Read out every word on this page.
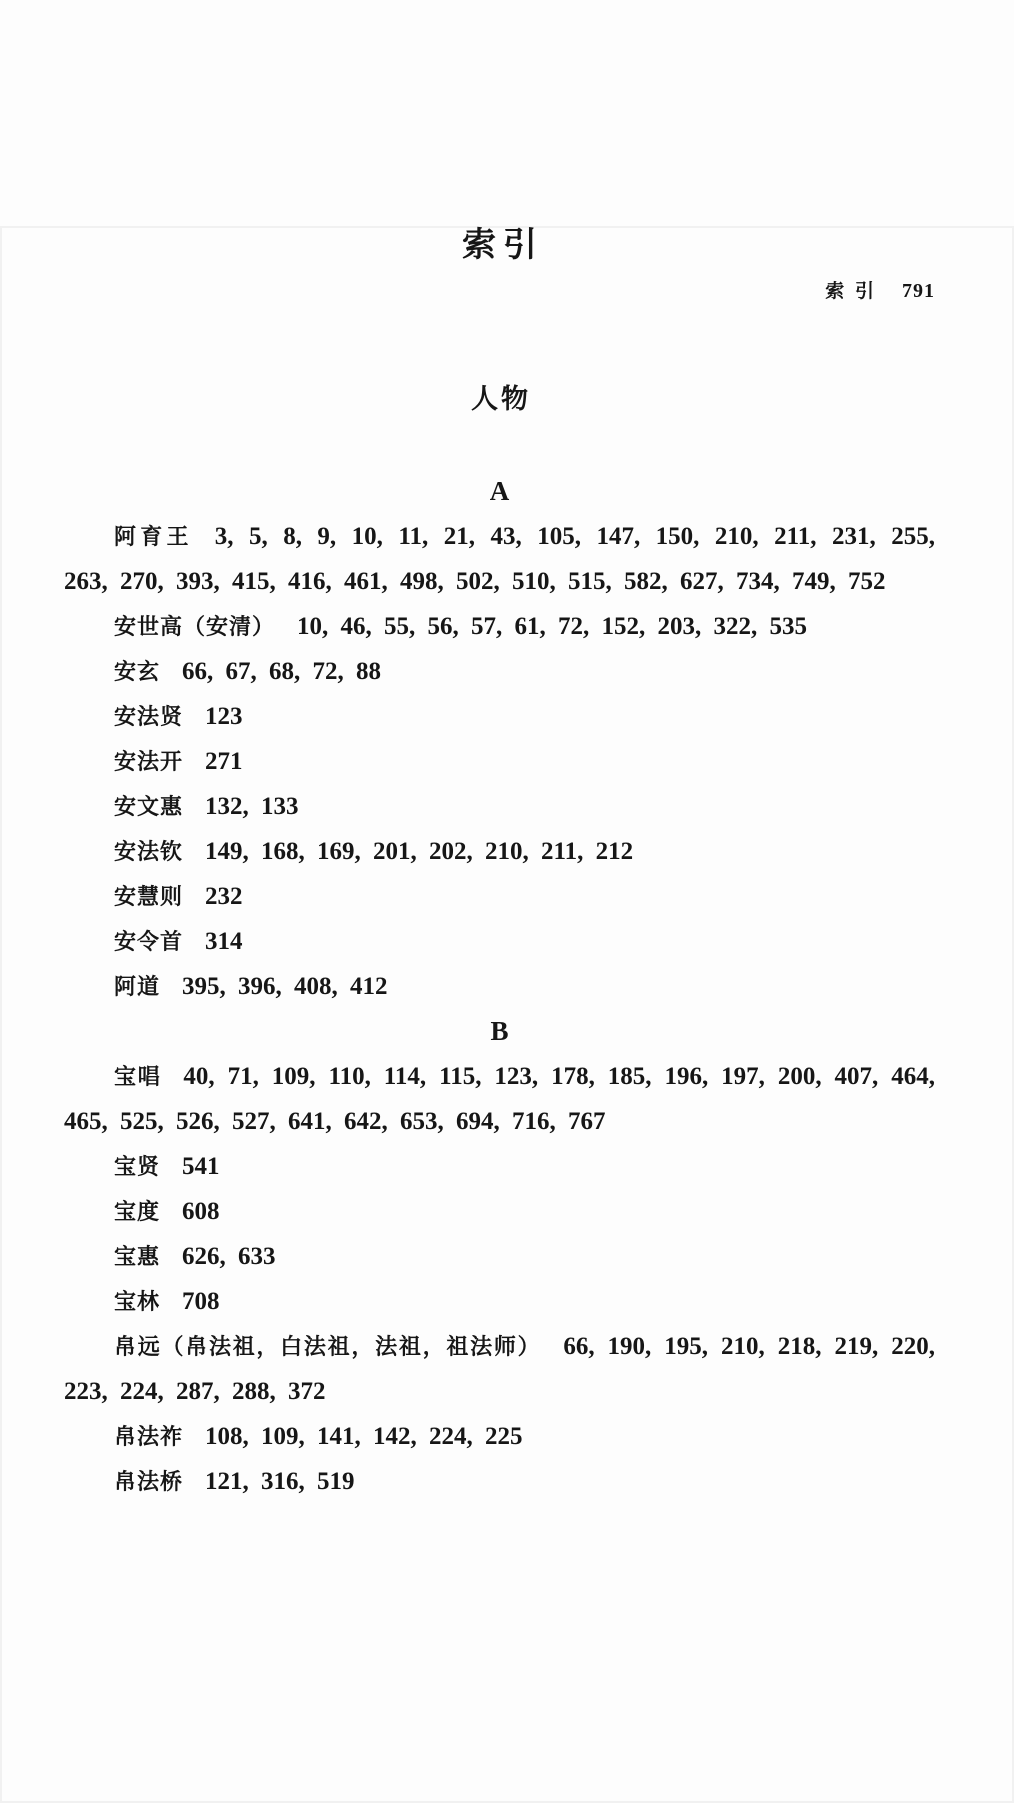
索 引 791
索引
人物
A

阿育王 3, 5, 8, 9, 10, 11, 21, 43, 105, 147, 150, 210, 211, 231, 255, 263, 270, 393, 415, 416, 461, 498, 502, 510, 515, 582, 627, 734, 749, 752

安世高（安清） 10, 46, 55, 56, 57, 61, 72, 152, 203, 322, 535

安玄 66, 67, 68, 72, 88

安法贤 123

安法开 271

安文惠 132, 133

安法钦 149, 168, 169, 201, 202, 210, 211, 212

安慧则 232

安令首 314

阿道 395, 396, 408, 412

B

宝唱 40, 71, 109, 110, 114, 115, 123, 178, 185, 196, 197, 200, 407, 464, 465, 525, 526, 527, 641, 642, 653, 694, 716, 767

宝贤 541

宝度 608

宝惠 626, 633

宝林 708

帛远（帛法祖，白法祖，法祖，祖法师） 66, 190, 195, 210, 218, 219, 220, 223, 224, 287, 288, 372

帛法祚 108, 109, 141, 142, 224, 225

帛法桥 121, 316, 519
